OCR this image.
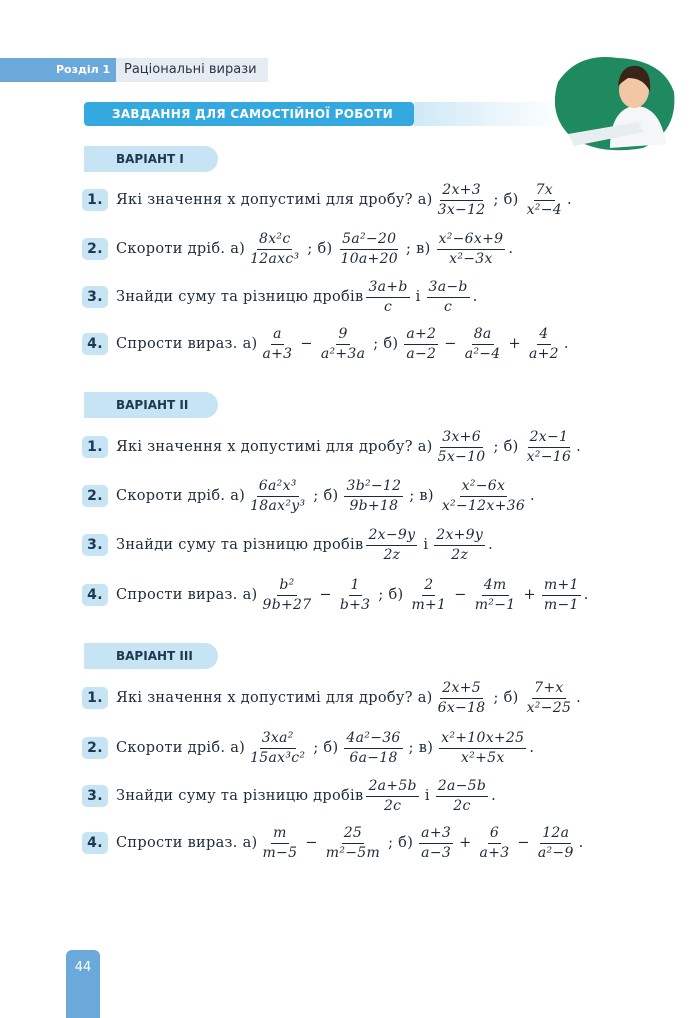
Розділ 1	Раціональні вирази
ЗАВДАННЯ ДЛЯ САМОСТІЙНОЇ РОБОТИ
ВАРІАНТ І
1. Які значення x допустимі для дробу? $а) \frac{2x+3}{3x-12}$ ; $б) \frac{7x}{\text{x²−4}}$ .
2. Скороти дріб. $а) \frac{\text{8x²c}}{\text{12axc³}}$ ; $б) \frac{\text{5a²−20}}{10a+20}$ ; $в) \frac{\text{x²−6x+9}}{\text{x²−3x}}$ .
3. Знайди суму та різницю дробів $\frac{3a+b}{c}$ і $\frac{3a-b}{c}$ .
4. Спрости вираз. $а) \frac{a}{a+3} - \frac{9}{\text{a²+3a}}$ ; $б) \frac{a+2}{a-2} - \frac{8a}{\text{a²−4}} + \frac{4}{a+2}$ .
ВАРІАНТ ІІ
1. Які значення x допустимі для дробу? $а) \frac{3x+6}{5x-10}$ ; $б) \frac{2x-1}{\text{x²−16}}$ .
2. Скороти дріб. $а) \frac{\text{6a²x³}}{\text{18ax²y³}}$ ; $б) \frac{\text{3b²−12}}{9b+18}$ ; $в) \frac{\text{x²−6x}}{\text{x²−12x+36}}$ .
3. Знайди суму та різницю дробів $\frac{2x-9y}{2z}$ і $\frac{2x+9y}{2z}$ .
4. Спрости вираз. $а) \frac{\text{b²}}{9b+27} - \frac{1}{b+3}$ ; $б) \frac{2}{m+1} - \frac{4m}{\text{m²−1}} + \frac{m+1}{m-1}$ .
ВАРІАНТ ІІІ
1. Які значення x допустимі для дробу? $а) \frac{2x+5}{6x-18}$ ; $б) \frac{7+x}{\text{x²−25}}$ .
2. Скороти дріб. $а) \frac{\text{3xa²}}{\text{15ax³c²}}$ ; $б) \frac{\text{4a²−36}}{6a-18}$ ; $в) \frac{\text{x²+10x+25}}{\text{x²+5x}}$ .
3. Знайди суму та різницю дробів $\frac{2a+5b}{2c}$ і $\frac{2a-5b}{2c}$ .
4. Спрости вираз. $а) \frac{m}{m-5} - \frac{25}{\text{m²−5m}}$ ; $б) \frac{a+3}{a-3} + \frac{6}{a+3} - \frac{12a}{\text{a²−9}}$ .
44
